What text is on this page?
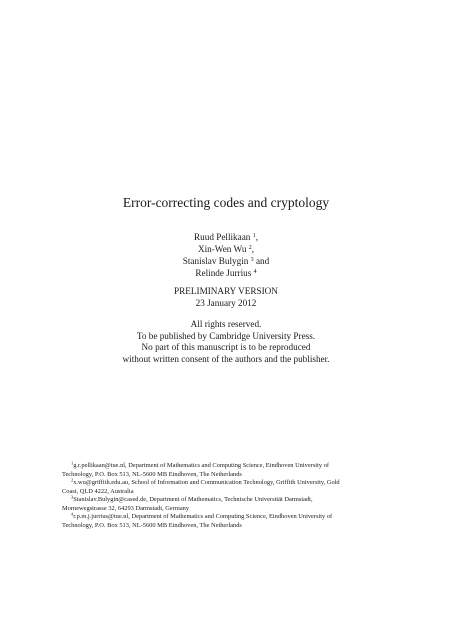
Error-correcting codes and cryptology
Ruud Pellikaan $^1$,
Xin-Wen Wu $^2$,
Stanislav Bulygin $^3$ and
Relinde Jurrius $^4$
PRELIMINARY VERSION
23 January 2012
All rights reserved.
To be published by Cambridge University Press.
No part of this manuscript is to be reproduced
without written consent of the authors and the publisher.

$^1$g.r.pellikaan@tue.nl, Department of Mathematics and Computing Science, Eindhoven University of Technology, P.O. Box 513, NL-5600 MB Eindhoven, The Netherlands

$^2$x.wu@griffith.edu.au, School of Information and Communication Technology, Griffith University, Gold Coast, QLD 4222, Australia

$^3$Stanislav.Bulygin@cased.de, Department of Mathematics, Technische Universität Darmstadt, Mornewegstrasse 32, 64293 Darmstadt, Germany

$^4$r.p.m.j.jurrius@tue.nl, Department of Mathematics and Computing Science, Eindhoven University of Technology, P.O. Box 513, NL-5600 MB Eindhoven, The Netherlands
